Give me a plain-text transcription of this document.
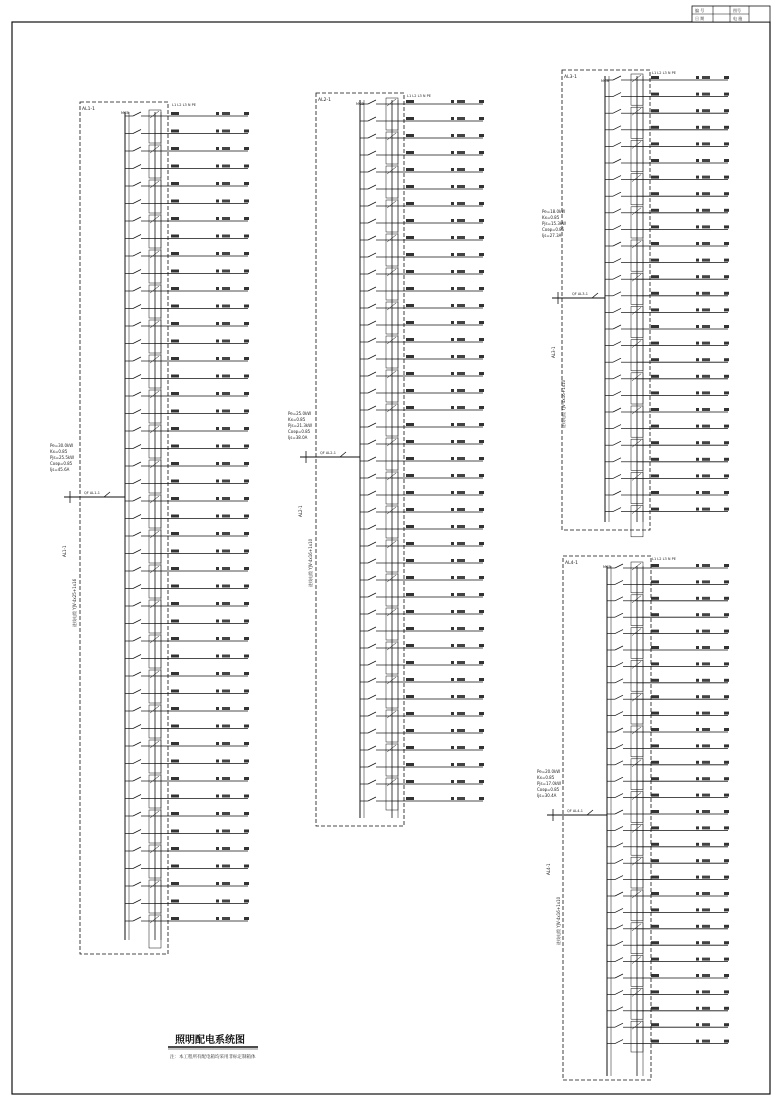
编 号	图号
日 期	电 施
AL1-1
L1 L2 L3 N PE
MCB
QF AL1-1
Pe=30.0kW
Kx=0.85
Pjs=25.5kW
Cosφ=0.85
Ijs=45.6A
AL1-1
进线电缆 YJV-4x25+1x16
AL2-1
L1 L2 L3 N PE
MCB
QF AL2-1
Pe=25.0kW
Kx=0.85
Pjs=21.3kW
Cosφ=0.85
Ijs=38.0A
AL2-1
进线电缆 YJV-4x16+1x10
AL3-1
L1 L2 L3 N PE
MCB
QF AL3-1
Pe=18.0kW
Kx=0.85
Pjs=15.3kW
Cosφ=0.85
Ijs=27.3A
AL3-1
进线电缆 YJV-4x16+1x10
AL4-1
L1 L2 L3 N PE
MCB
QF AL4-1
Pe=20.0kW
Kx=0.85
Pjs=17.0kW
Cosφ=0.85
Ijs=30.4A
AL4-1
进线电缆 YJV-4x16+1x10
照明配电系统图
注：本工程所有配电箱均采用非标定制箱体
